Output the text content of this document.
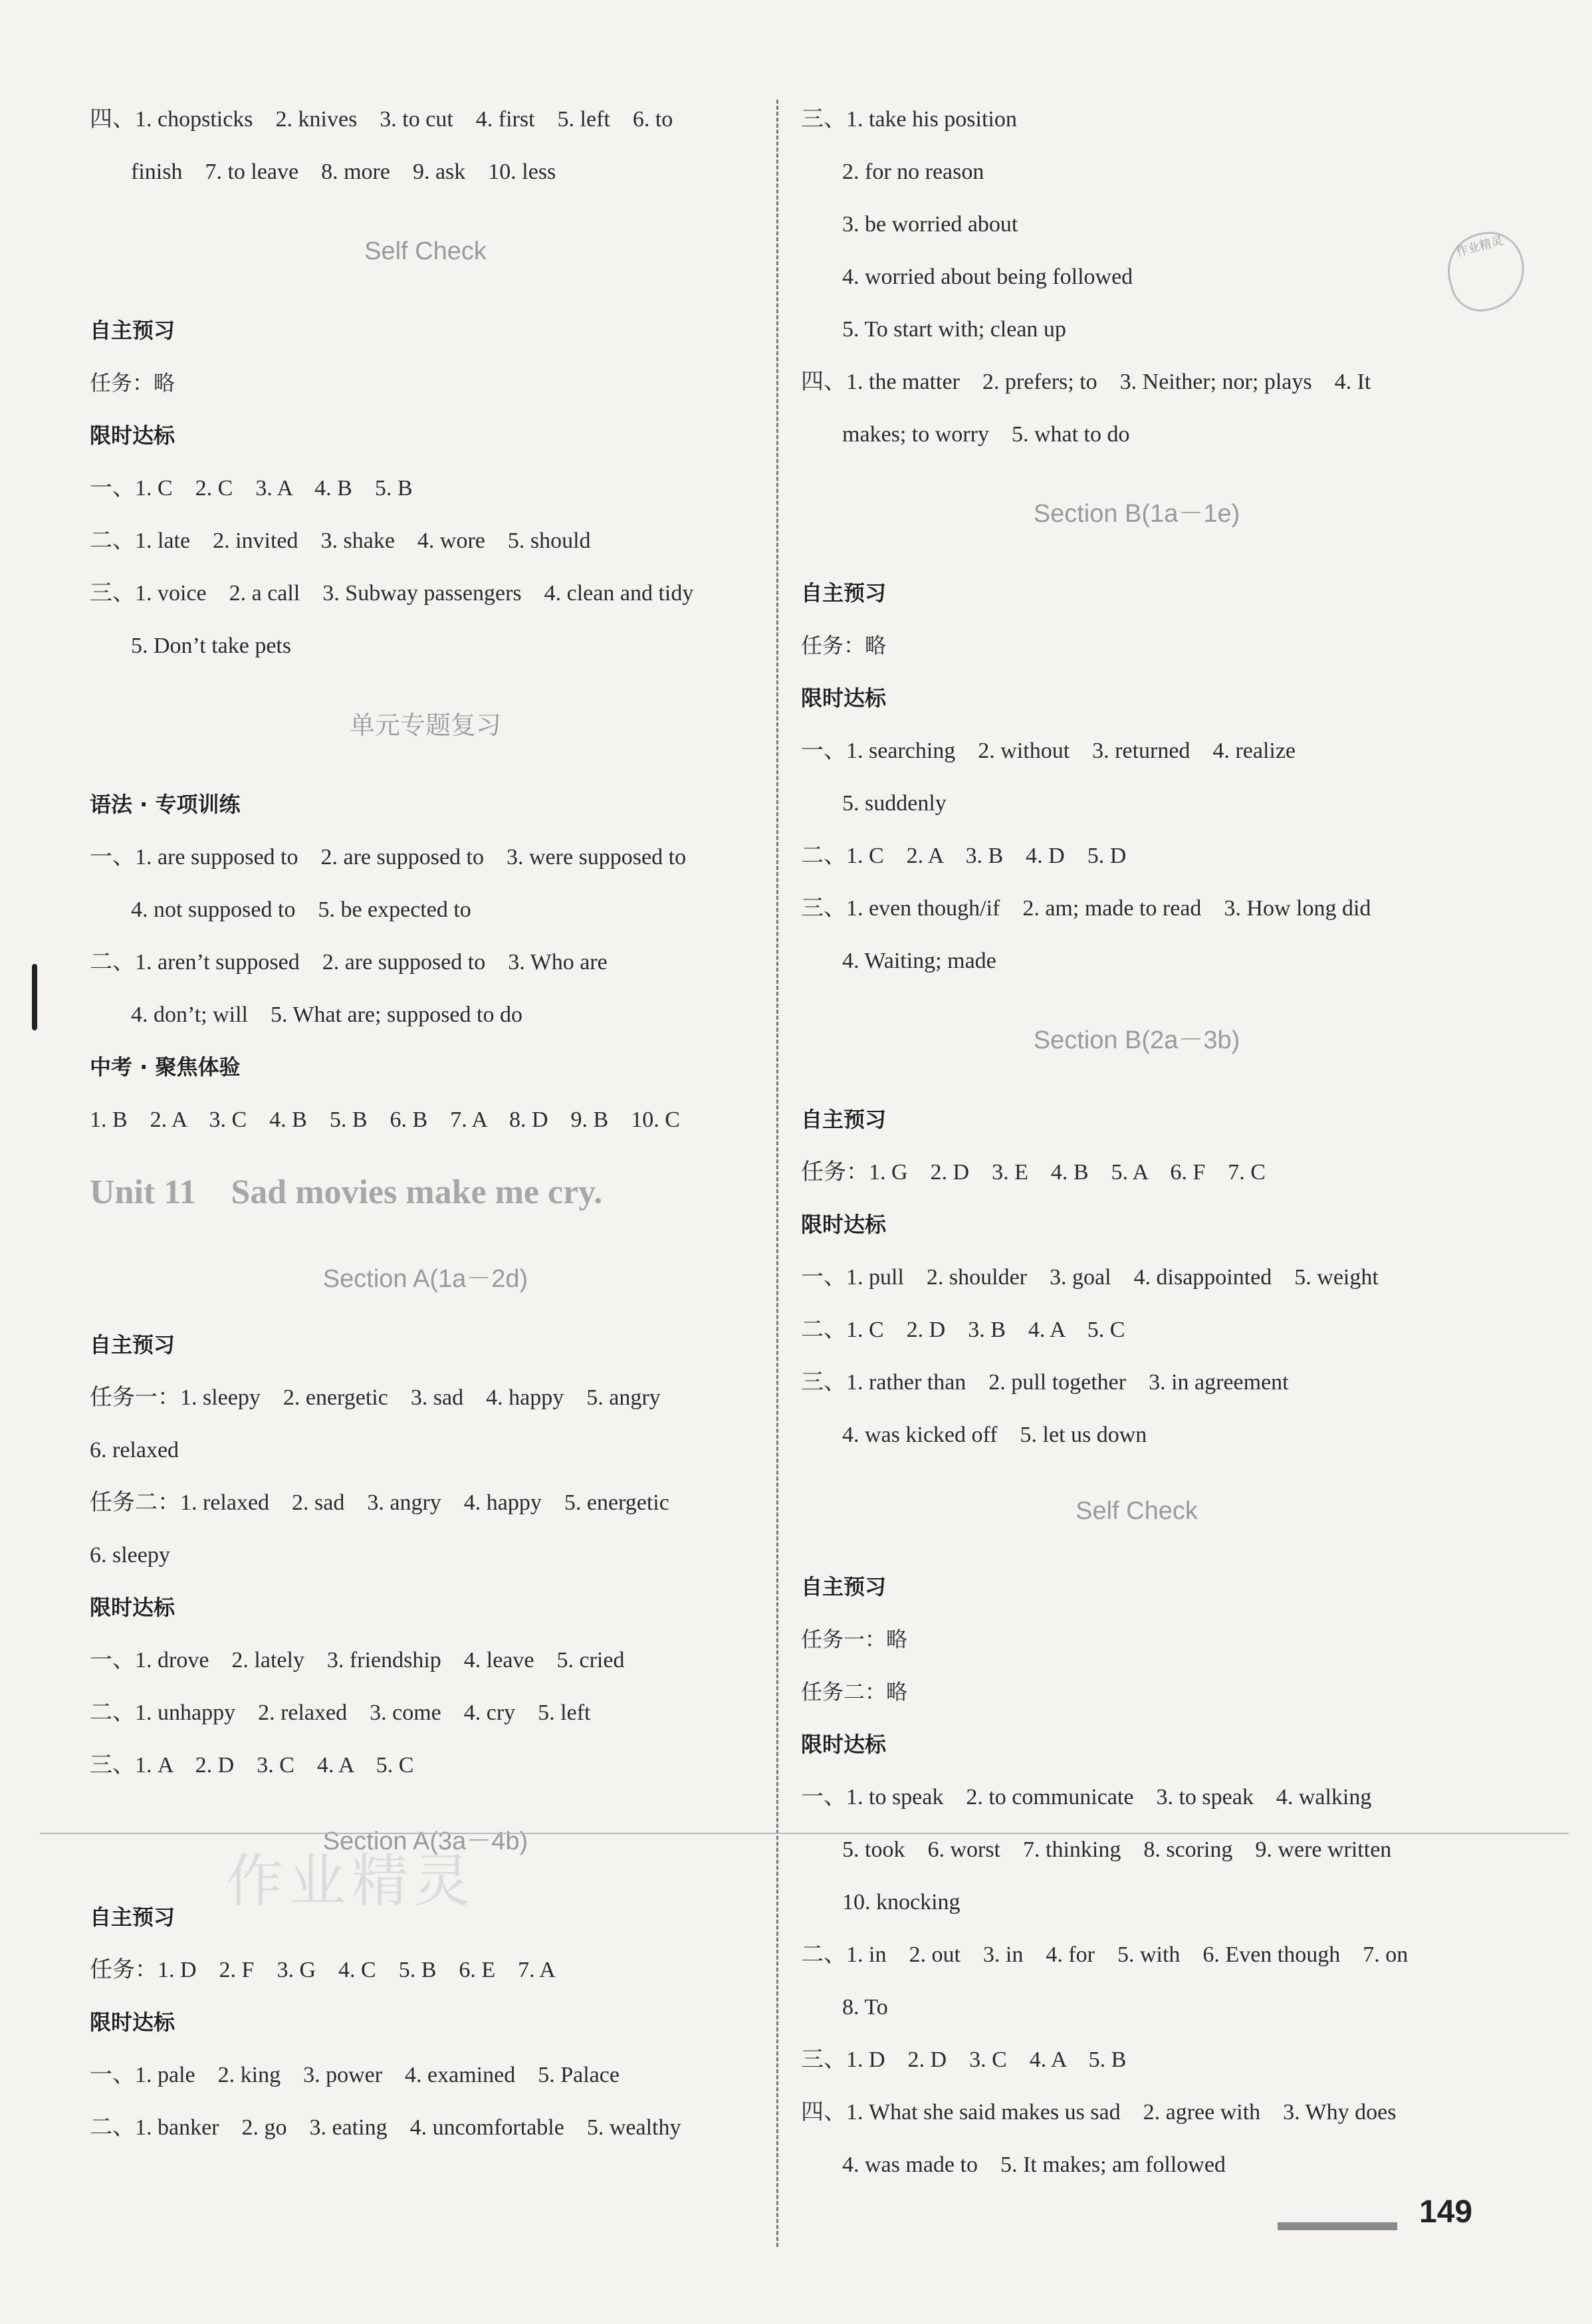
四、1. chopsticks　2. knives　3. to cut　4. first　5. left　6. to
finish　7. to leave　8. more　9. ask　10. less
Self Check
自主预习
任务：略
限时达标
一、1. C　2. C　3. A　4. B　5. B
二、1. late　2. invited　3. shake　4. wore　5. should
三、1. voice　2. a call　3. Subway passengers　4. clean and tidy
5. Don’t take pets
单元专题复习
语法 · 专项训练
一、1. are supposed to　2. are supposed to　3. were supposed to
4. not supposed to　5. be expected to
二、1. aren’t supposed　2. are supposed to　3. Who are
4. don’t; will　5. What are; supposed to do
中考 · 聚焦体验
1. B　2. A　3. C　4. B　5. B　6. B　7. A　8. D　9. B　10. C
Unit 11    Sad movies make me cry.
Section A(1a－2d)
自主预习
任务一：1. sleepy　2. energetic　3. sad　4. happy　5. angry
6. relaxed
任务二：1. relaxed　2. sad　3. angry　4. happy　5. energetic
6. sleepy
限时达标
一、1. drove　2. lately　3. friendship　4. leave　5. cried
二、1. unhappy　2. relaxed　3. come　4. cry　5. left
三、1. A　2. D　3. C　4. A　5. C
Section A(3a－4b)
自主预习
任务：1. D　2. F　3. G　4. C　5. B　6. E　7. A
限时达标
一、1. pale　2. king　3. power　4. examined　5. Palace
二、1. banker　2. go　3. eating　4. uncomfortable　5. wealthy
三、1. take his position
2. for no reason
3. be worried about
4. worried about being followed
5. To start with; clean up
四、1. the matter　2. prefers; to　3. Neither; nor; plays　4. It
makes; to worry　5. what to do
Section B(1a－1e)
自主预习
任务：略
限时达标
一、1. searching　2. without　3. returned　4. realize
5. suddenly
二、1. C　2. A　3. B　4. D　5. D
三、1. even though/if　2. am; made to read　3. How long did
4. Waiting; made
Section B(2a－3b)
自主预习
任务：1. G　2. D　3. E　4. B　5. A　6. F　7. C
限时达标
一、1. pull　2. shoulder　3. goal　4. disappointed　5. weight
二、1. C　2. D　3. B　4. A　5. C
三、1. rather than　2. pull together　3. in agreement
4. was kicked off　5. let us down
Self Check
自主预习
任务一：略
任务二：略
限时达标
一、1. to speak　2. to communicate　3. to speak　4. walking
5. took　6. worst　7. thinking　8. scoring　9. were written
10. knocking
二、1. in　2. out　3. in　4. for　5. with　6. Even though　7. on
8. To
三、1. D　2. D　3. C　4. A　5. B
四、1. What she said makes us sad　2. agree with　3. Why does
4. was made to　5. It makes; am followed
作业精灵
作业精灵
149
